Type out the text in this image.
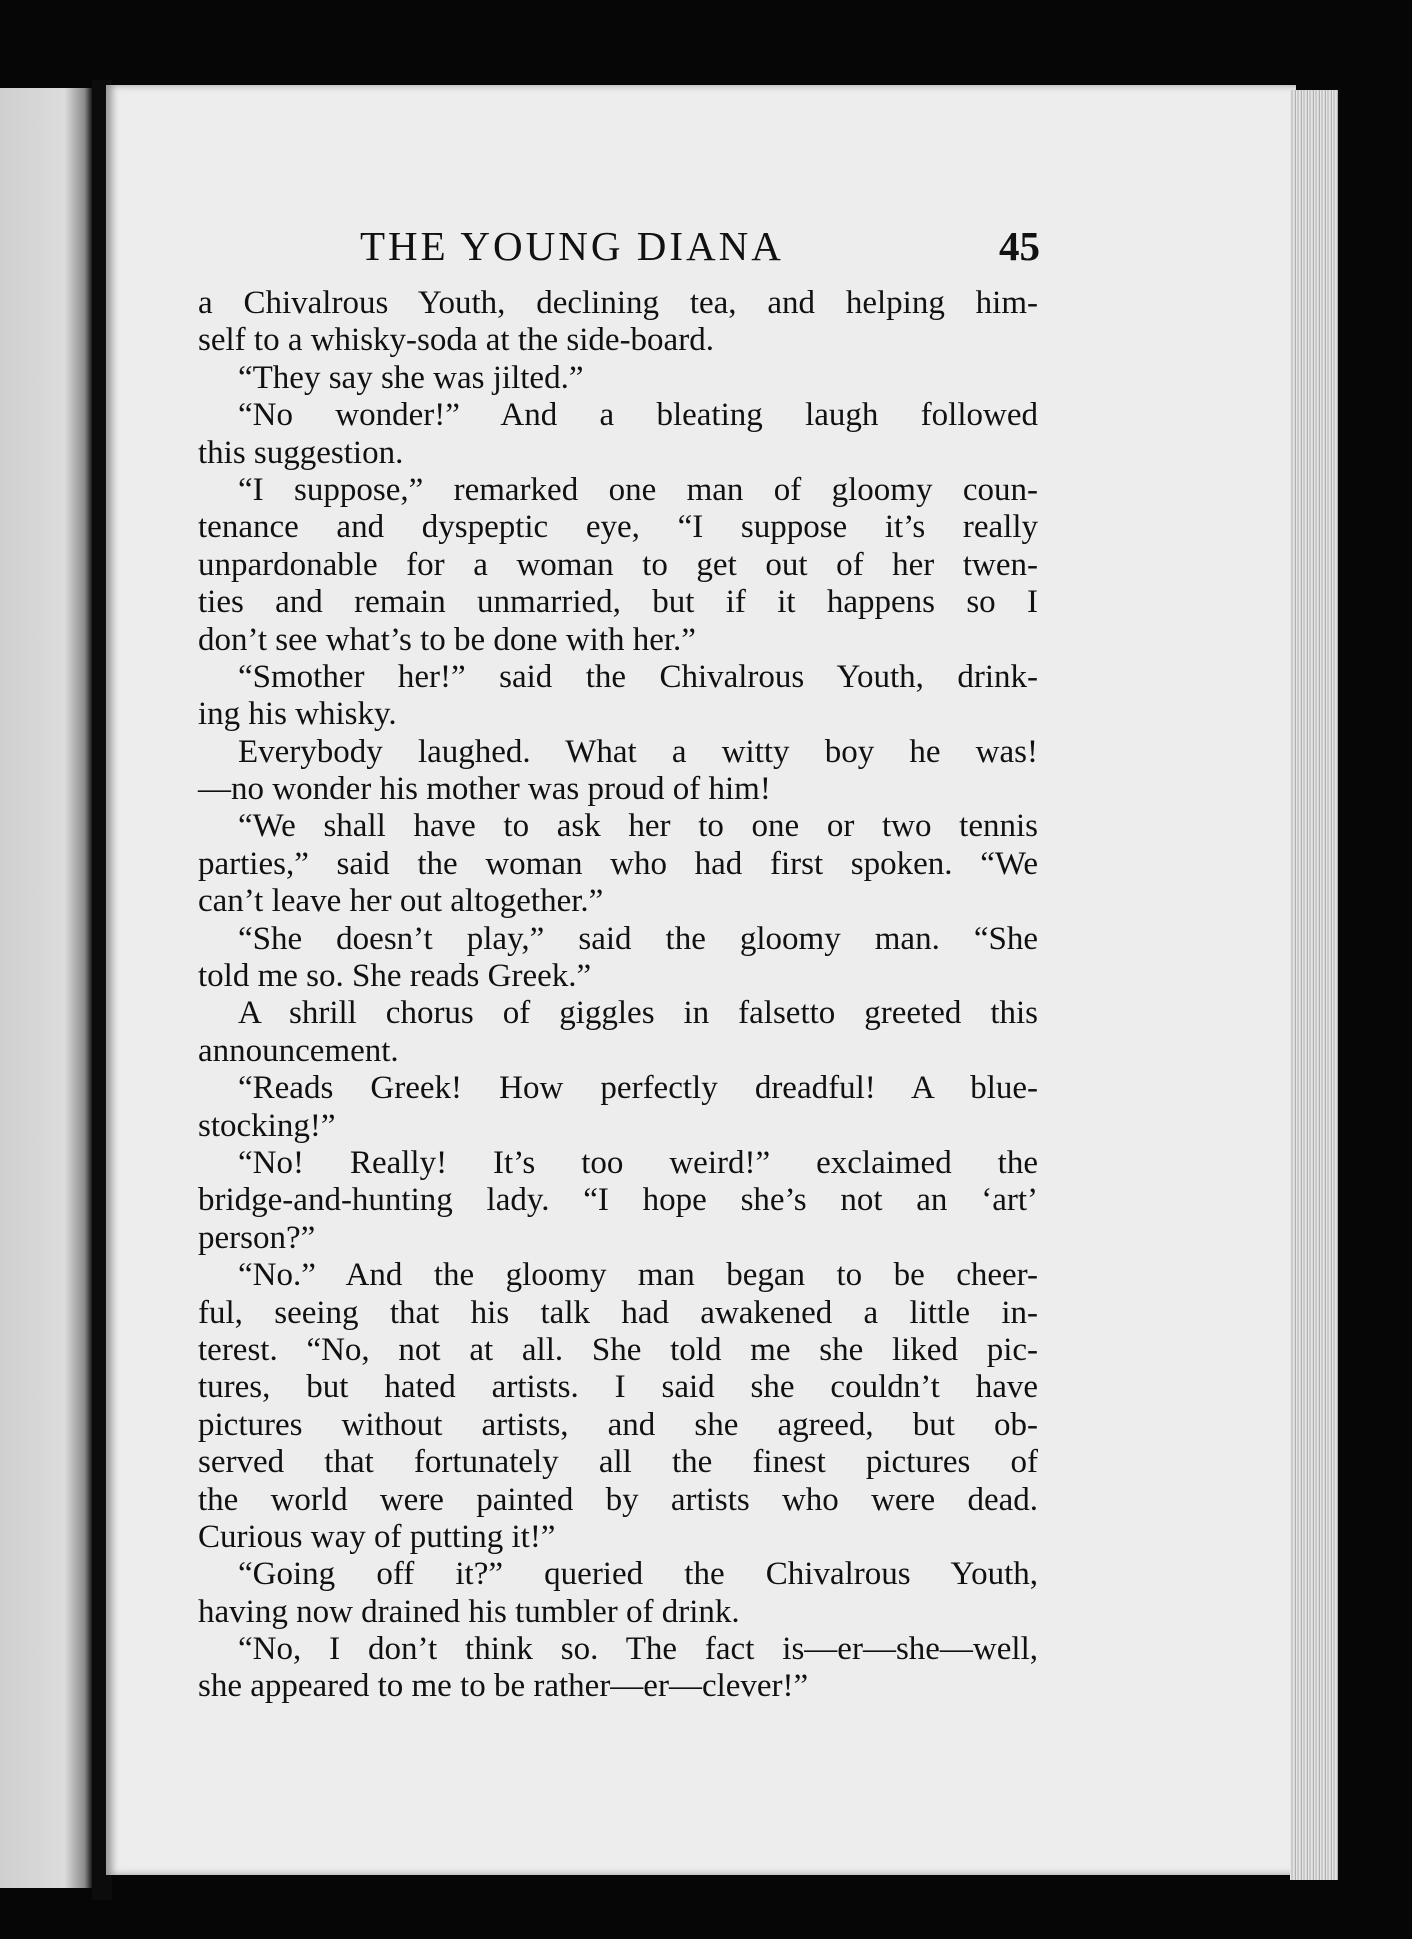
THE YOUNG DIANA	45
a Chivalrous Youth, declining tea, and helping him-
self to a whisky-soda at the side-board.
“They say she was jilted.”
“No wonder!” And a bleating laugh followed
this suggestion.
“I suppose,” remarked one man of gloomy coun-
tenance and dyspeptic eye, “I suppose it’s really
unpardonable for a woman to get out of her twen-
ties and remain unmarried, but if it happens so I
don’t see what’s to be done with her.”
“Smother her!” said the Chivalrous Youth, drink-
ing his whisky.
Everybody laughed. What a witty boy he was!
—no wonder his mother was proud of him!
“We shall have to ask her to one or two tennis
parties,” said the woman who had first spoken. “We
can’t leave her out altogether.”
“She doesn’t play,” said the gloomy man. “She
told me so. She reads Greek.”
A shrill chorus of giggles in falsetto greeted this
announcement.
“Reads Greek! How perfectly dreadful! A blue-
stocking!”
“No! Really! It’s too weird!” exclaimed the
bridge-and-hunting lady. “I hope she’s not an ‘art’
person?”
“No.” And the gloomy man began to be cheer-
ful, seeing that his talk had awakened a little in-
terest. “No, not at all. She told me she liked pic-
tures, but hated artists. I said she couldn’t have
pictures without artists, and she agreed, but ob-
served that fortunately all the finest pictures of
the world were painted by artists who were dead.
Curious way of putting it!”
“Going off it?” queried the Chivalrous Youth,
having now drained his tumbler of drink.
“No, I don’t think so. The fact is—er—she—well,
she appeared to me to be rather—er—clever!”
